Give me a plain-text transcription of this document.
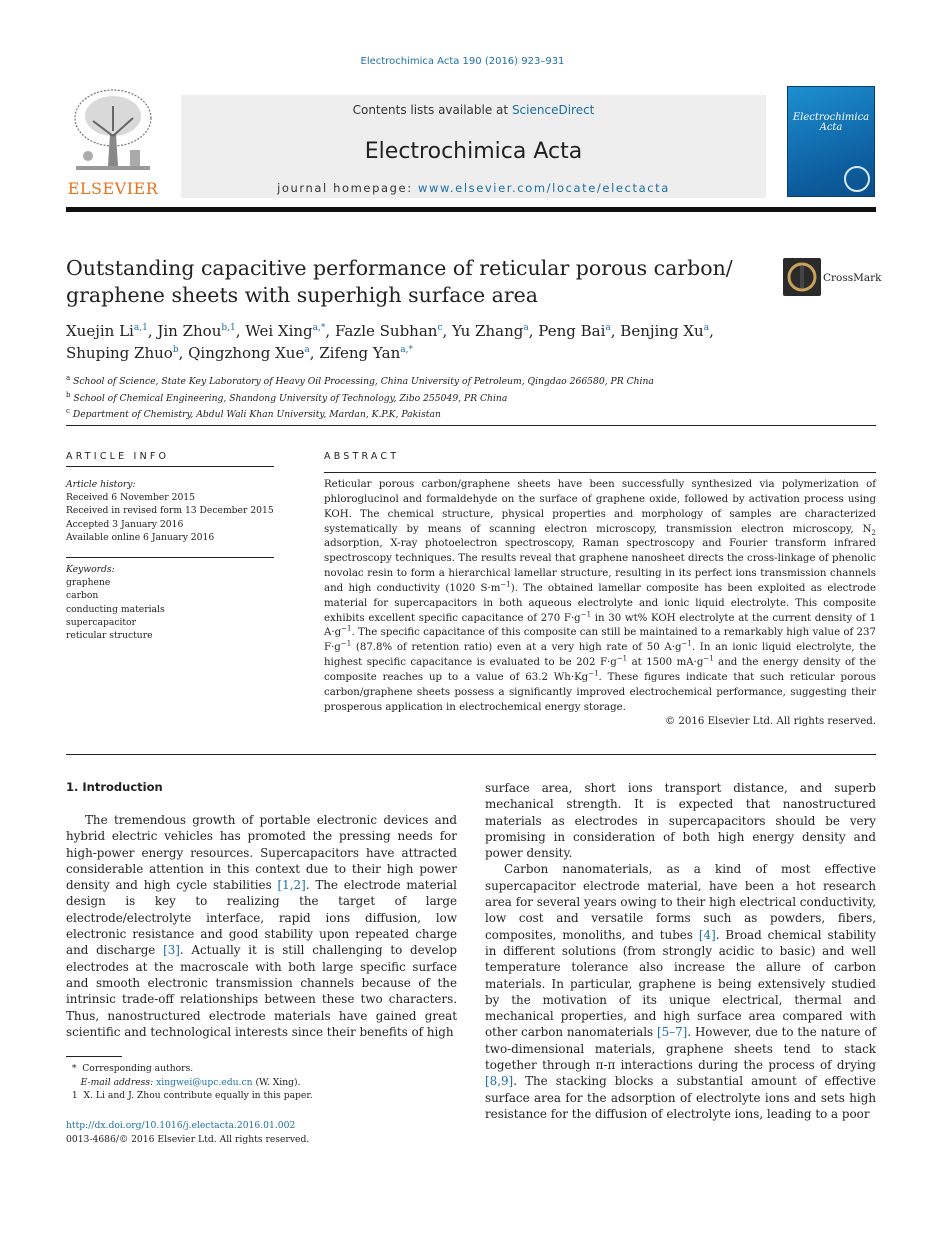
Electrochimica Acta 190 (2016) 923–931
ELSEVIER
Contents lists available at ScienceDirect
Electrochimica Acta
journal homepage: www.elsevier.com/locate/electacta
Electrochimica Acta
Outstanding capacitive performance of reticular porous carbon/
graphene sheets with superhigh surface area
CrossMark
Xuejin Li$^{a,1}$, Jin Zhou$^{b,1}$, Wei Xing$^{a,*}$, Fazle Subhan$^c$, Yu Zhang$^a$, Peng Bai$^a$, Benjing Xu$^a$,
Shuping Zhuo$^b$, Qingzhong Xue$^a$, Zifeng Yan$^{a,*}$
$^a$ School of Science, State Key Laboratory of Heavy Oil Processing, China University of Petroleum, Qingdao 266580, PR China
$^b$ School of Chemical Engineering, Shandong University of Technology, Zibo 255049, PR China
$^c$ Department of Chemistry, Abdul Wali Khan University, Mardan, K.P.K, Pakistan
ARTICLE INFO	ABSTRACT
Article history:
Received 6 November 2015
Received in revised form 13 December 2015
Accepted 3 January 2016
Available online 6 January 2016
Keywords:
graphene
carbon
conducting materials
supercapacitor
reticular structure
Reticular porous carbon/graphene sheets have been successfully synthesized via polymerization of phloroglucinol and formaldehyde on the surface of graphene oxide, followed by activation process using KOH. The chemical structure, physical properties and morphology of samples are characterized systematically by means of scanning electron microscopy, transmission electron microscopy, $N_2$ adsorption, X-ray photoelectron spectroscopy, Raman spectroscopy and Fourier transform infrared spectroscopy techniques. The results reveal that graphene nanosheet directs the cross-linkage of phenolic novolac resin to form a hierarchical lamellar structure, resulting in its perfect ions transmission channels and high conductivity (1020 $S\cdot m^{-1}$). The obtained lamellar composite has been exploited as electrode material for supercapacitors in both aqueous electrolyte and ionic liquid electrolyte. This composite exhibits excellent specific capacitance of 270 $F\cdot g^{-1}$ in 30 wt% KOH electrolyte at the current density of 1 $A\cdot g^{-1}$. The specific capacitance of this composite can still be maintained to a remarkably high value of 237 $F\cdot g^{-1}$ (87.8% of retention ratio) even at a very high rate of 50 $A\cdot g^{-1}$. In an ionic liquid electrolyte, the highest specific capacitance is evaluated to be 202 $F\cdot g^{-1}$ at 1500 $mA\cdot g^{-1}$ and the energy density of the composite reaches up to a value of 63.2 $Wh\cdot Kg^{-1}$. These figures indicate that such reticular porous carbon/graphene sheets possess a significantly improved electrochemical performance, suggesting their prosperous application in electrochemical energy storage.
© 2016 Elsevier Ltd. All rights reserved.
1. Introduction

The tremendous growth of portable electronic devices and hybrid electric vehicles has promoted the pressing needs for high-power energy resources. Supercapacitors have attracted considerable attention in this context due to their high power density and high cycle stabilities [1,2]. The electrode material design is key to realizing the target of large electrode/electrolyte interface, rapid ions diffusion, low electronic resistance and good stability upon repeated charge and discharge [3]. Actually it is still challenging to develop electrodes at the macroscale with both large specific surface and smooth electronic transmission channels because of the intrinsic trade-off relationships between these two characters. Thus, nanostructured electrode materials have gained great scientific and technological interests since their benefits of high

surface area, short ions transport distance, and superb mechanical strength. It is expected that nanostructured materials as electrodes in supercapacitors should be very promising in consideration of both high energy density and power density.

Carbon nanomaterials, as a kind of most effective supercapacitor electrode material, have been a hot research area for several years owing to their high electrical conductivity, low cost and versatile forms such as powders, fibers, composites, monoliths, and tubes [4]. Broad chemical stability in different solutions (from strongly acidic to basic) and well temperature tolerance also increase the allure of carbon materials. In particular, graphene is being extensively studied by the motivation of its unique electrical, thermal and mechanical properties, and high surface area compared with other carbon nanomaterials [5–7]. However, due to the nature of two-dimensional materials, graphene sheets tend to stack together through π-π interactions during the process of drying [8,9]. The stacking blocks a substantial amount of effective surface area for the adsorption of electrolyte ions and sets high resistance for the diffusion of electrolyte ions, leading to a poor

* Corresponding authors.
E-mail address: xingwei@upc.edu.cn (W. Xing).
1 X. Li and J. Zhou contribute equally in this paper.
http://dx.doi.org/10.1016/j.electacta.2016.01.002
0013-4686/© 2016 Elsevier Ltd. All rights reserved.
